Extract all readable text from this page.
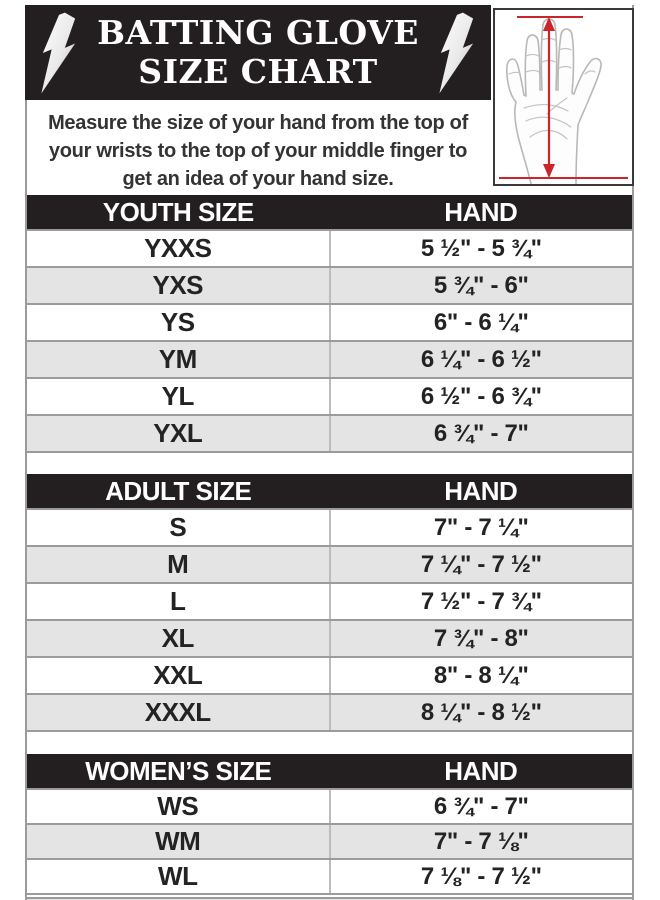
BATTING GLOVE
SIZE CHART
Measure the size of your hand from the top of
your wrists to the top of your middle finger to
get an idea of your hand size.
YOUTH SIZE	HAND
YXXS	5 ½" - 5 ¾"
YXS	5 ¾" - 6"
YS	6" - 6 ¼"
YM	6 ¼" - 6 ½"
YL	6 ½" - 6 ¾"
YXL	6 ¾" - 7"
ADULT SIZE	HAND
S	7" - 7 ¼"
M	7 ¼" - 7 ½"
L	7 ½" - 7 ¾"
XL	7 ¾" - 8"
XXL	8" - 8 ¼"
XXXL	8 ¼" - 8 ½"
WOMEN’S SIZE	HAND
WS	6 ¾" - 7"
WM	7" - 7 ⅛"
WL	7 ⅛" - 7 ½"
